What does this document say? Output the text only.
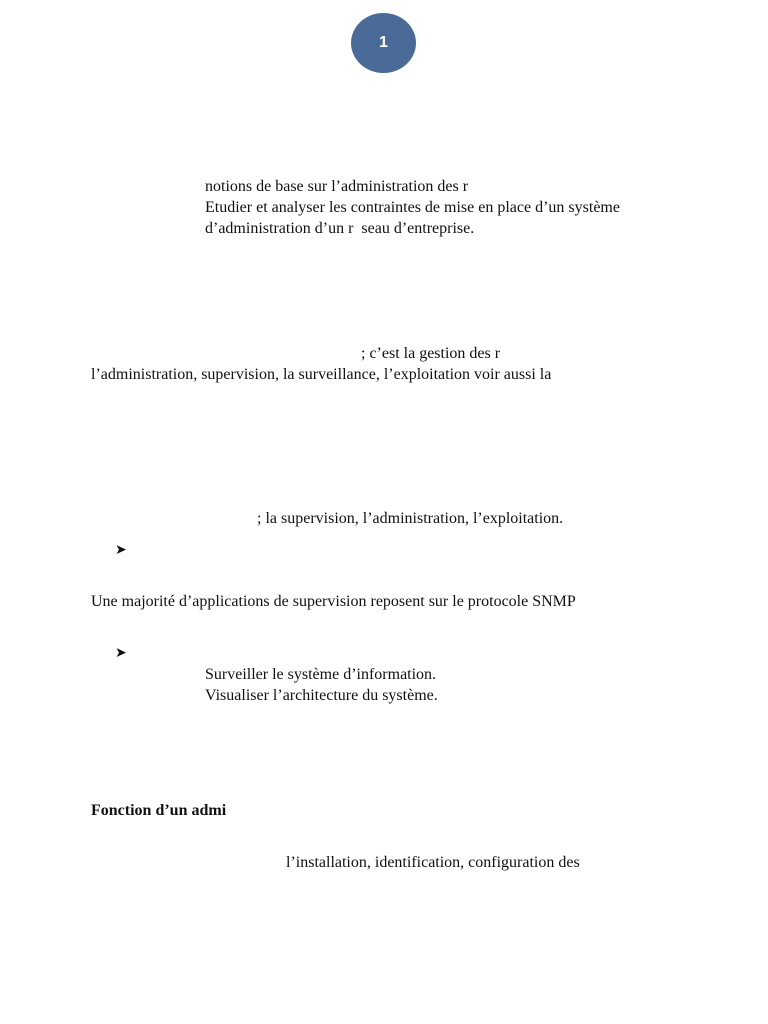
1
notions de base sur l’administration des r
Etudier et analyser les contraintes de mise en place d’un système
d’administration d’un r  seau d’entreprise.
; c’est la gestion des r
l’administration, supervision, la surveillance, l’exploitation voir aussi la
; la supervision, l’administration, l’exploitation.
➤
Une majorité d’applications de supervision reposent sur le protocole SNMP
➤
Surveiller le système d’information.
Visualiser l’architecture du système.
Fonction d’un admi
l’installation, identification, configuration des
